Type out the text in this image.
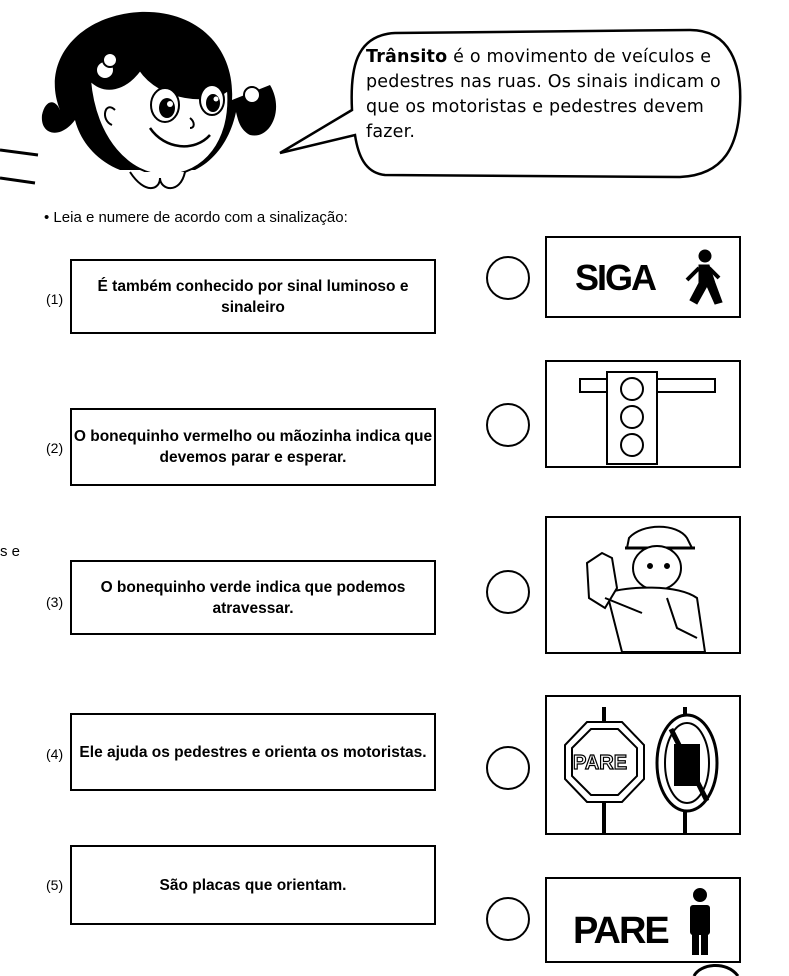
Trânsito é o movimento de veículos e pedestres nas ruas. Os sinais indicam o que os motoristas e pedestres devem fazer.
• Leia e numere de acordo com a sinalização:
s e
(1)
É também conhecido por sinal luminoso e sinaleiro
(2)
O bonequinho vermelho ou mãozinha indica que devemos parar e esperar.
(3)
O bonequinho verde indica que podemos atravessar.
(4)	Ele ajuda os pedestres e orienta os motoristas.
(5)	São placas que orientam.
SIGA
PARE
PARE
